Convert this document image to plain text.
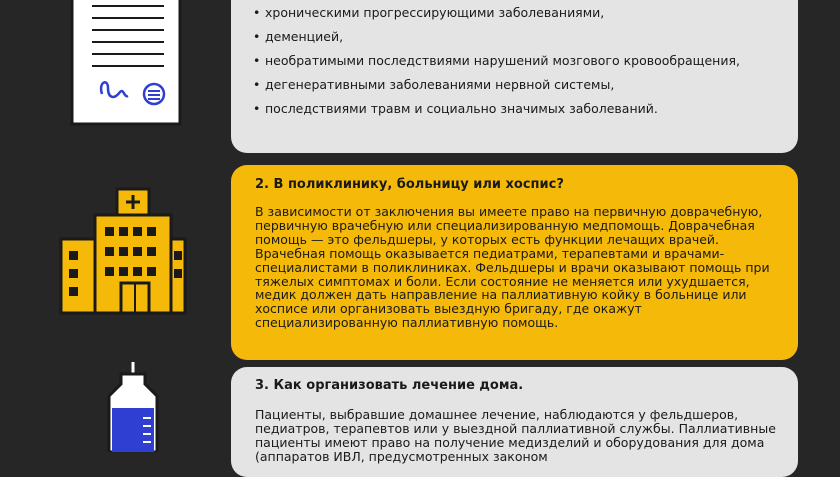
• хроническими прогрессирующими заболеваниями,
• деменцией,
• необратимыми последствиями нарушений мозгового кровообращения,
• дегенеративными заболеваниями нервной системы,
• последствиями травм и социально значимых заболеваний.
2. В поликлинику, больницу или хоспис?

В зависимости от заключения вы имеете право на первичную доврачебную, первичную врачебную или специализированную медпомощь. Доврачебная помощь — это фельдшеры, у которых есть функции лечащих врачей. Врачебная помощь оказывается педиатрами, терапевтами и врачами-специалистами в поликлиниках. Фельдшеры и врачи оказывают помощь при тяжелых симптомах и боли. Если состояние не меняется или ухудшается, медик должен дать направление на паллиативную койку в больнице или хосписе или организовать выездную бригаду, где окажут специализированную паллиативную помощь.

3. Как организовать лечение дома.

Пациенты, выбравшие домашнее лечение, наблюдаются у фельдшеров, педиатров, терапевтов или у выездной паллиативной службы. Паллиативные пациенты имеют право на получение медизделий и оборудования для дома (аппаратов ИВЛ, предусмотренных законом
